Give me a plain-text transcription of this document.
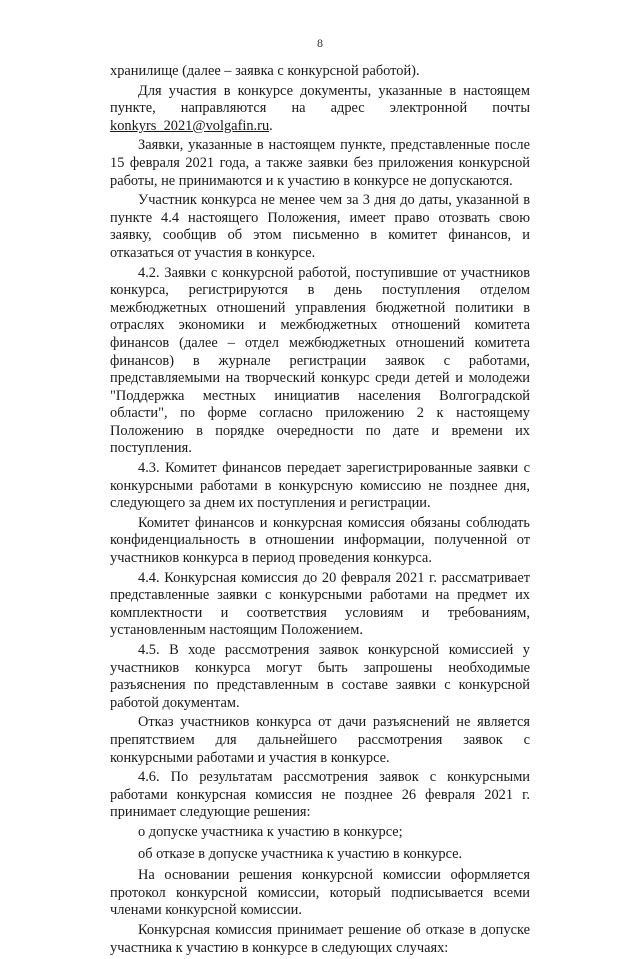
8

хранилище (далее – заявка с конкурсной работой).

Для участия в конкурсе документы, указанные в настоящем пункте, направляются на адрес электронной почты konkyrs_2021@volgafin.ru.

Заявки, указанные в настоящем пункте, представленные после 15 февраля 2021 года, а также заявки без приложения конкурсной работы, не принимаются и к участию в конкурсе не допускаются.

Участник конкурса не менее чем за 3 дня до даты, указанной в пункте 4.4 настоящего Положения, имеет право отозвать свою заявку, сообщив об этом письменно в комитет финансов, и отказаться от участия в конкурсе.

4.2. Заявки с конкурсной работой, поступившие от участников конкурса, регистрируются в день поступления отделом межбюджетных отношений управления бюджетной политики в отраслях экономики и межбюджетных отношений комитета финансов (далее – отдел межбюджетных отношений комитета финансов) в журнале регистрации заявок с работами, представляемыми на творческий конкурс среди детей и молодежи "Поддержка местных инициатив населения Волгоградской области", по форме согласно приложению 2 к настоящему Положению в порядке очередности по дате и времени их поступления.

4.3. Комитет финансов передает зарегистрированные заявки с конкурсными работами в конкурсную комиссию не позднее дня, следующего за днем их поступления и регистрации.

Комитет финансов и конкурсная комиссия обязаны соблюдать конфиденциальность в отношении информации, полученной от участников конкурса в период проведения конкурса.

4.4. Конкурсная комиссия до 20 февраля 2021 г. рассматривает представленные заявки с конкурсными работами на предмет их комплектности и соответствия условиям и требованиям, установленным настоящим Положением.

4.5. В ходе рассмотрения заявок конкурсной комиссией у участников конкурса могут быть запрошены необходимые разъяснения по представленным в составе заявки с конкурсной работой документам.

Отказ участников конкурса от дачи разъяснений не является препятствием для дальнейшего рассмотрения заявок с конкурсными работами и участия в конкурсе.

4.6. По результатам рассмотрения заявок с конкурсными работами конкурсная комиссия не позднее 26 февраля 2021 г. принимает следующие решения:

о допуске участника к участию в конкурсе;

об отказе в допуске участника к участию в конкурсе.

На основании решения конкурсной комиссии оформляется протокол конкурсной комиссии, который подписывается всеми членами конкурсной комиссии.

Конкурсная комиссия принимает решение об отказе в допуске участника к участию в конкурсе в следующих случаях:
